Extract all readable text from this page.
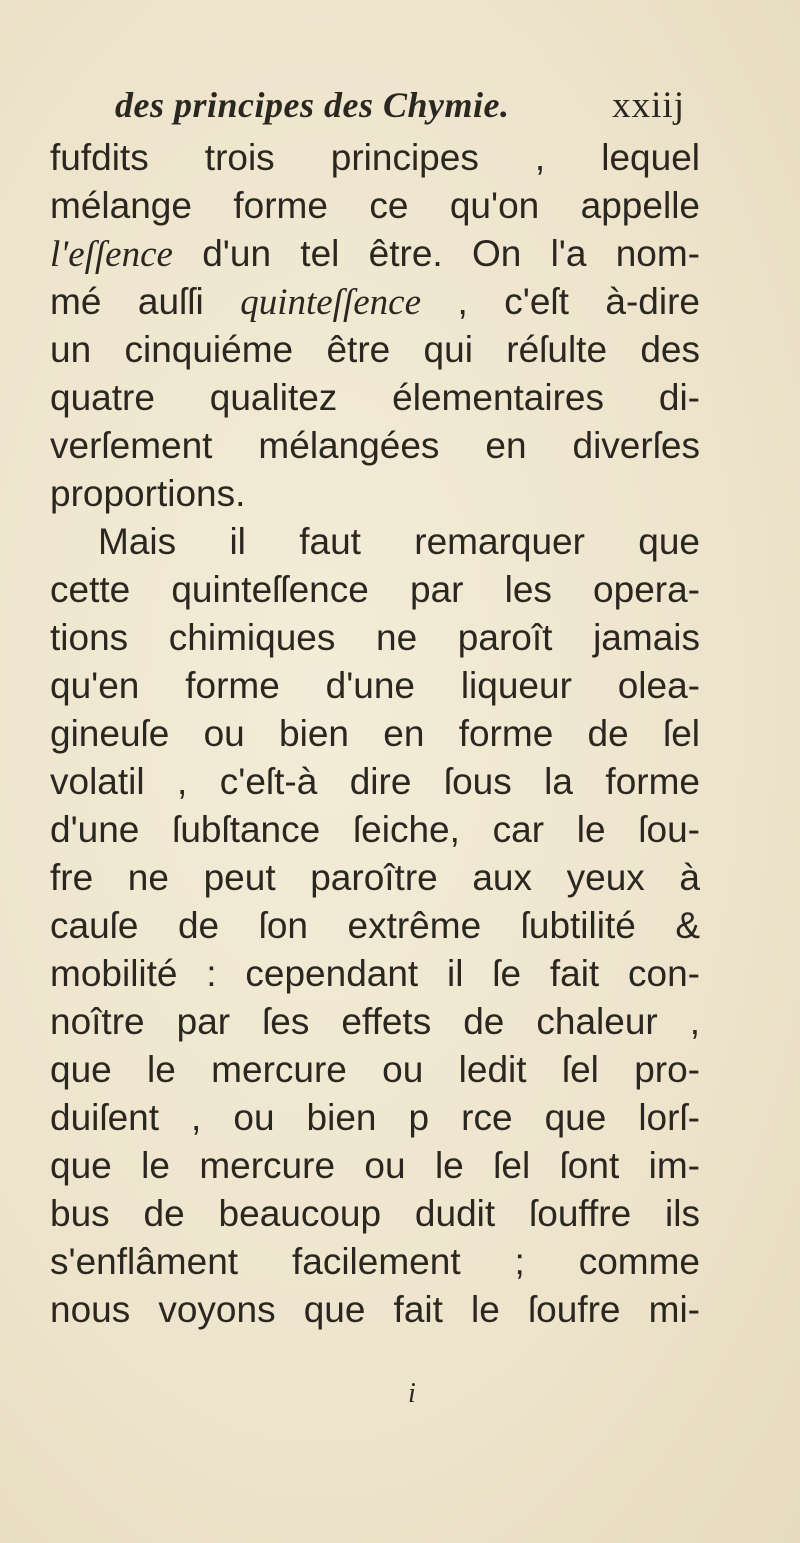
des principes des Chymie.	xxiij
fufdits trois principes , lequel
mélange forme ce qu'on appelle
l'eſſence d'un tel être. On l'a nom-
mé auſſi quinteſſence , c'eſt à-dire
un cinquiéme être qui réſulte des
quatre qualitez élementaires di-
verſement mélangées en diverſes
proportions.
Mais il faut remarquer que
cette quinteſſence par les opera-
tions chimiques ne paroît jamais
qu'en forme d'une liqueur olea-
gineuſe ou bien en forme de ſel
volatil , c'eſt-à dire ſous la forme
d'une ſubſtance ſeiche, car le ſou-
fre ne peut paroître aux yeux à
cauſe de ſon extrême ſubtilité &
mobilité : cependant il ſe fait con-
noître par ſes effets de chaleur ,
que le mercure ou ledit ſel pro-
duiſent , ou bien p rce que lorſ-
que le mercure ou le ſel ſont im-
bus de beaucoup dudit ſouffre ils
s'enflâment facilement ; comme
nous voyons que fait le ſoufre mi-
i
